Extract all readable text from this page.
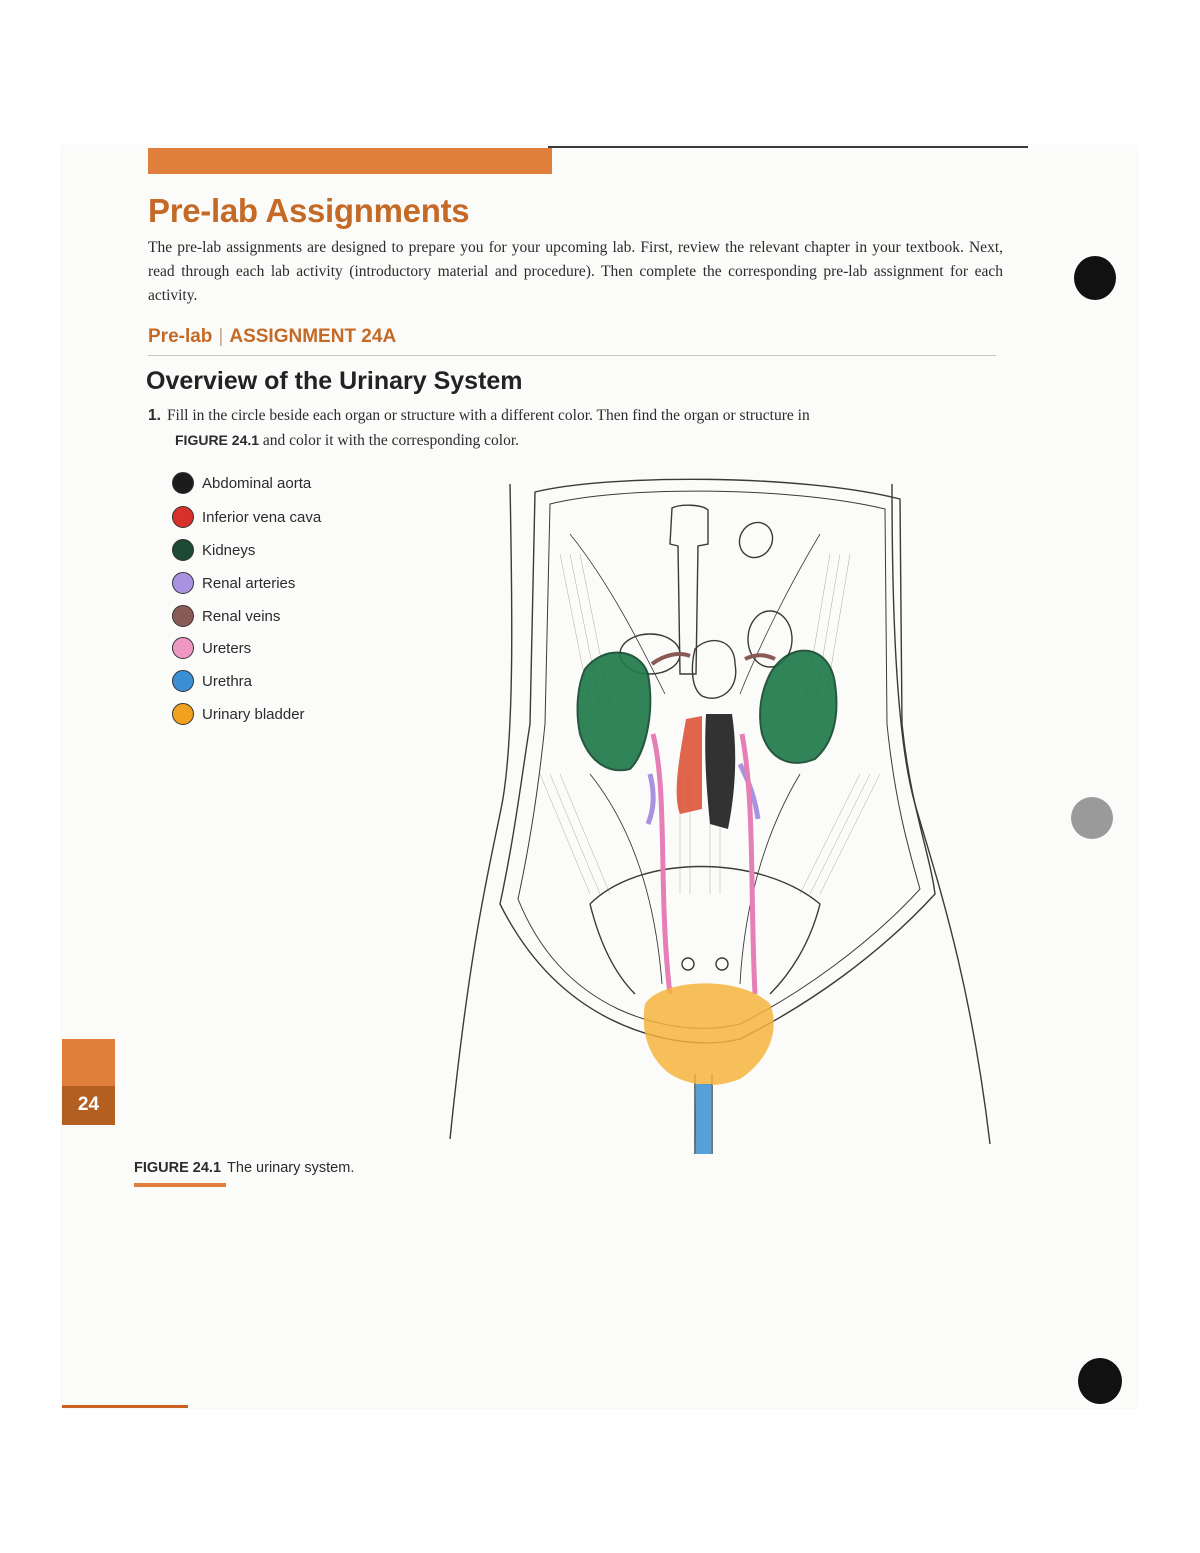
Pre-lab Assignments

The pre-lab assignments are designed to prepare you for your upcoming lab. First, review the relevant chapter in your textbook. Next, read through each lab activity (introductory material and procedure). Then complete the corresponding pre-lab assignment for each activity.

Pre-lab | ASSIGNMENT 24A
Overview of the Urinary System
1. Fill in the circle beside each organ or structure with a different color. Then find the organ or structure in
FIGURE 24.1 and color it with the corresponding color.
Abdominal aorta
Inferior vena cava
Kidneys
Renal arteries
Renal veins
Ureters
Urethra
Urinary bladder
24
FIGURE 24.1 The urinary system.
